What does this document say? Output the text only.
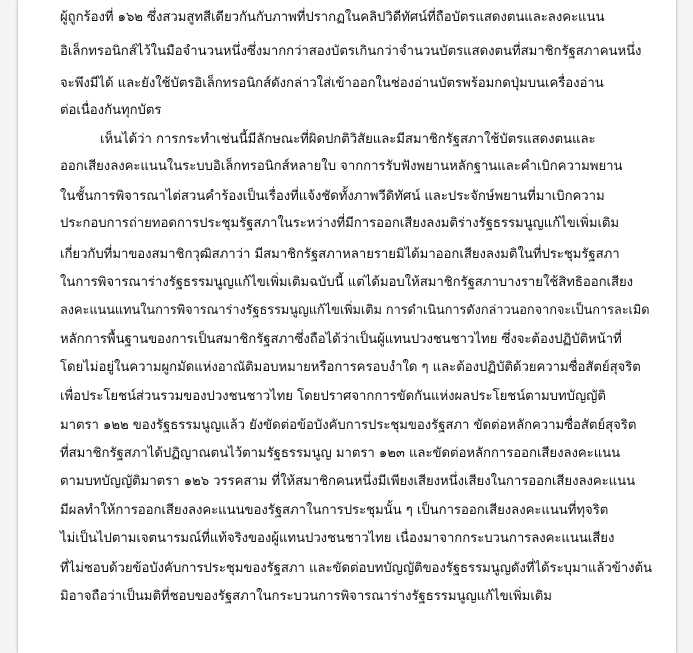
ผู้ถูกร้องที่ ๑๖๒ ซึ่งสวมสูทสีเดียวกันกับภาพที่ปรากฏในคลิปวิดีทัศน์ที่ถือบัตรแสดงตนและลงคะแนน
อิเล็กทรอนิกส์ไว้ในมือจำนวนหนึ่งซึ่งมากกว่าสองบัตรเกินกว่าจำนวนบัตรแสดงตนที่สมาชิกรัฐสภาคนหนึ่ง
จะพึงมีได้ และยังใช้บัตรอิเล็กทรอนิกส์ดังกล่าวใส่เข้าออกในช่องอ่านบัตรพร้อมกดปุ่มบนเครื่องอ่าน
ต่อเนื่องกันทุกบัตร
เห็นได้ว่า การกระทำเช่นนี้มีลักษณะที่ผิดปกติวิสัยและมีสมาชิกรัฐสภาใช้บัตรแสดงตนและ
ออกเสียงลงคะแนนในระบบอิเล็กทรอนิกส์หลายใบ จากการรับฟังพยานหลักฐานและคำเบิกความพยาน
ในชั้นการพิจารณาไต่สวนคำร้องเป็นเรื่องที่แจ้งชัดทั้งภาพวีดิทัศน์ และประจักษ์พยานที่มาเบิกความ
ประกอบการถ่ายทอดการประชุมรัฐสภาในระหว่างที่มีการออกเสียงลงมติร่างรัฐธรรมนูญแก้ไขเพิ่มเติม
เกี่ยวกับที่มาของสมาชิกวุฒิสภาว่า มีสมาชิกรัฐสภาหลายรายมิได้มาออกเสียงลงมติในที่ประชุมรัฐสภา
ในการพิจารณาร่างรัฐธรรมนูญแก้ไขเพิ่มเติมฉบับนี้ แต่ได้มอบให้สมาชิกรัฐสภาบางรายใช้สิทธิออกเสียง
ลงคะแนนแทนในการพิจารณาร่างรัฐธรรมนูญแก้ไขเพิ่มเติม การดำเนินการดังกล่าวนอกจากจะเป็นการละเมิด
หลักการพื้นฐานของการเป็นสมาชิกรัฐสภาซึ่งถือได้ว่าเป็นผู้แทนปวงชนชาวไทย ซึ่งจะต้องปฏิบัติหน้าที่
โดยไม่อยู่ในความผูกมัดแห่งอาณัติมอบหมายหรือการครอบงำใด ๆ และต้องปฏิบัติด้วยความซื่อสัตย์สุจริต
เพื่อประโยชน์ส่วนรวมของปวงชนชาวไทย โดยปราศจากการขัดกันแห่งผลประโยชน์ตามบทบัญญัติ
มาตรา ๑๒๒ ของรัฐธรรมนูญแล้ว ยังขัดต่อข้อบังคับการประชุมของรัฐสภา ขัดต่อหลักความซื่อสัตย์สุจริต
ที่สมาชิกรัฐสภาได้ปฏิญาณตนไว้ตามรัฐธรรมนูญ มาตรา ๑๒๓ และขัดต่อหลักการออกเสียงลงคะแนน
ตามบทบัญญัติมาตรา ๑๒๖ วรรคสาม ที่ให้สมาชิกคนหนึ่งมีเพียงเสียงหนึ่งเสียงในการออกเสียงลงคะแนน
มีผลทำให้การออกเสียงลงคะแนนของรัฐสภาในการประชุมนั้น ๆ เป็นการออกเสียงลงคะแนนที่ทุจริต
ไม่เป็นไปตามเจตนารมณ์ที่แท้จริงของผู้แทนปวงชนชาวไทย เนื่องมาจากกระบวนการลงคะแนนเสียง
ที่ไม่ชอบด้วยข้อบังคับการประชุมของรัฐสภา และขัดต่อบทบัญญัติของรัฐธรรมนูญดังที่ได้ระบุมาแล้วข้างต้น
มิอาจถือว่าเป็นมติที่ชอบของรัฐสภาในกระบวนการพิจารณาร่างรัฐธรรมนูญแก้ไขเพิ่มเติม
